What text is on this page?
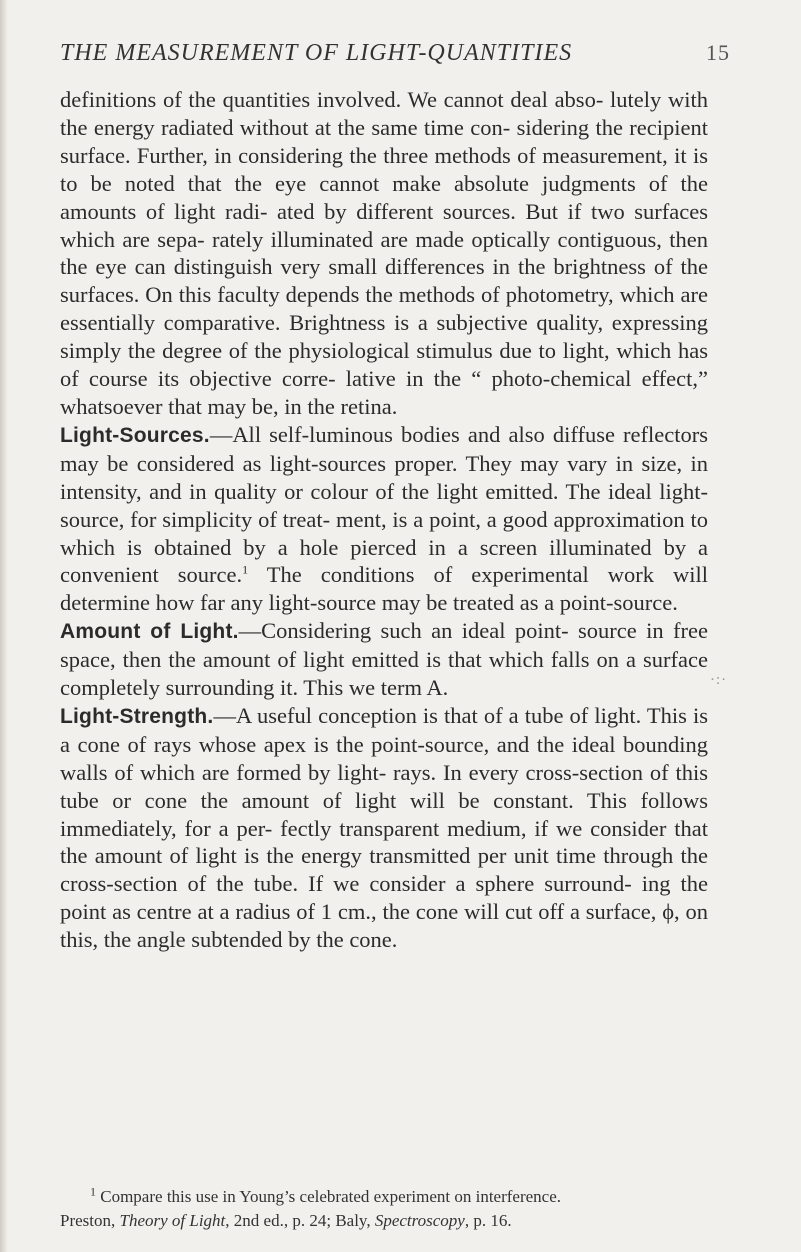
THE MEASUREMENT OF LIGHT-QUANTITIES	15

definitions of the quantities involved. We cannot deal abso- lutely with the energy radiated without at the same time con- sidering the recipient surface. Further, in considering the three methods of measurement, it is to be noted that the eye cannot make absolute judgments of the amounts of light radi- ated by different sources. But if two surfaces which are sepa- rately illuminated are made optically contiguous, then the eye can distinguish very small differences in the brightness of the surfaces. On this faculty depends the methods of photometry, which are essentially comparative. Brightness is a subjective quality, expressing simply the degree of the physiological stimulus due to light, which has of course its objective corre- lative in the “ photo-chemical effect,” whatsoever that may be, in the retina.

Light-Sources.—All self-luminous bodies and also diffuse reflectors may be considered as light-sources proper. They may vary in size, in intensity, and in quality or colour of the light emitted. The ideal light-source, for simplicity of treat- ment, is a point, a good approximation to which is obtained by a hole pierced in a screen illuminated by a convenient source.$^1$ The conditions of experimental work will determine how far any light-source may be treated as a point-source.

Amount of Light.—Considering such an ideal point- source in free space, then the amount of light emitted is that which falls on a surface completely surrounding it. This we term A.

Light-Strength.—A useful conception is that of a tube of light. This is a cone of rays whose apex is the point-source, and the ideal bounding walls of which are formed by light- rays. In every cross-section of this tube or cone the amount of light will be constant. This follows immediately, for a per- fectly transparent medium, if we consider that the amount of light is the energy transmitted per unit time through the cross-section of the tube. If we consider a sphere surround- ing the point as centre at a radius of 1 cm., the cone will cut off a surface, ϕ, on this, the angle subtended by the cone.

·:·

$^1$ Compare this use in Young’s celebrated experiment on interference.

Preston, Theory of Light, 2nd ed., p. 24; Baly, Spectroscopy, p. 16.
